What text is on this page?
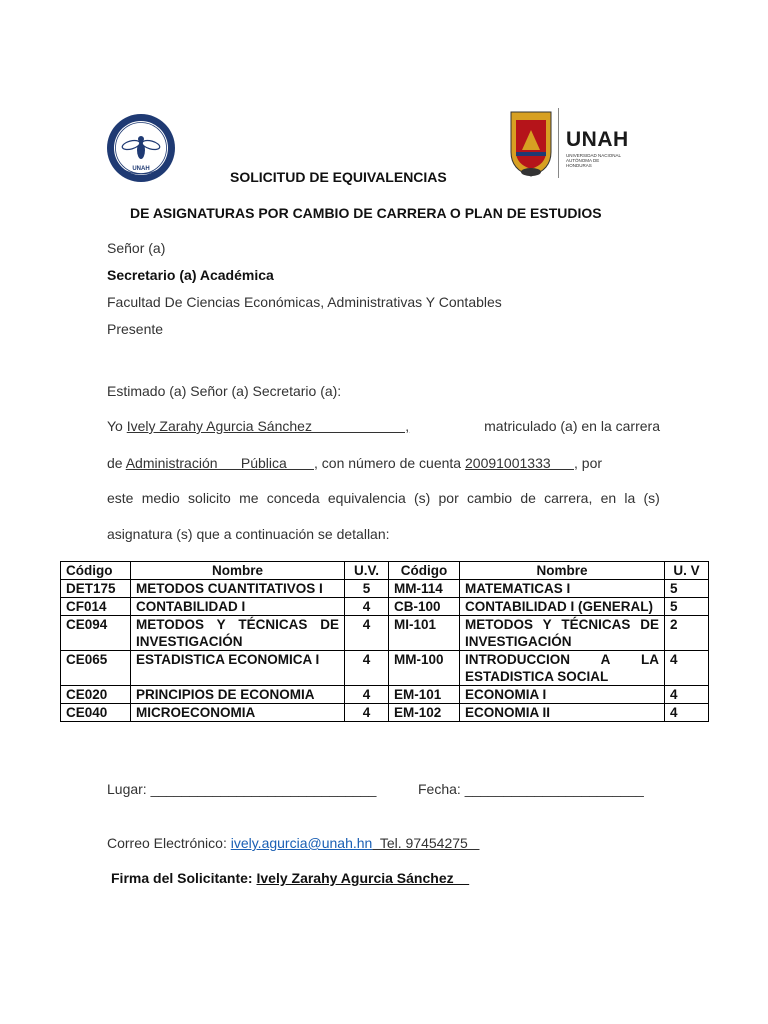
UNAH
UNAH
UNIVERSIDAD NACIONAL AUTÓNOMA DE HONDURAS
SOLICITUD DE EQUIVALENCIAS
DE ASIGNATURAS POR CAMBIO DE CARRERA O PLAN DE ESTUDIOS
Señor (a)
Secretario (a) Académica
Facultad De Ciencias Económicas, Administrativas Y Contables
Presente
Estimado (a) Señor (a) Secretario (a):
Yo Ively Zarahy Agurcia Sánchez                        ,	matriculado (a) en la carrera
de Administración      Pública       , con número de cuenta 20091001333      , por
este medio solicito me conceda equivalencia (s) por cambio de carrera, en la (s)
asignatura (s) que a continuación se detallan:
Código	Nombre	U.V.	Código	Nombre	U. V
DET175	METODOS CUANTITATIVOS I	5	MM-114	MATEMATICAS I	5
CF014	CONTABILIDAD I	4	CB-100	CONTABILIDAD I (GENERAL)	5
CE094	METODOS Y TÉCNICAS DE INVESTIGACIÓN	4	MI-101	METODOS Y TÉCNICAS DE INVESTIGACIÓN	2
CE065	ESTADISTICA ECONOMICA I	4	MM-100	INTRODUCCION A LA ESTADISTICA SOCIAL	4
CE020	PRINCIPIOS DE ECONOMIA	4	EM-101	ECONOMIA I	4
CE040	MICROECONOMIA	4	EM-102	ECONOMIA II	4
Lugar: _____________________________	Fecha: _______________________
Correo Electrónico: ively.agurcia@unah.hn  Tel. 97454275
Firma del Solicitante: Ively Zarahy Agurcia Sánchez
